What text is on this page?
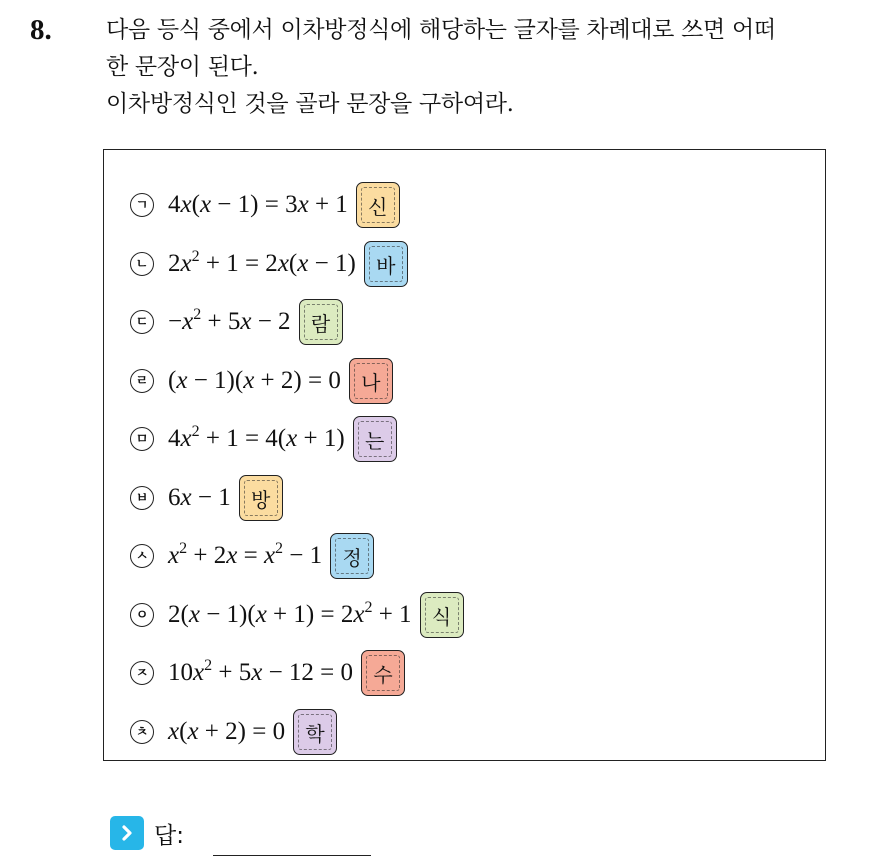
8. 다음 등식 중에서 이차방정식에 해당하는 글자를 차례대로 쓰면 어떠
한 문장이 된다.
이차방정식인 것을 골라 문장을 구하여라.
ㄱ 4x(x − 1) = 3x + 1 신
ㄴ $2x^2 + 1 = 2x(x - 1)$ 바
ㄷ $-x^2 + 5x - 2$ 람
ㄹ (x − 1)(x + 2) = 0 나
ㅁ $4x^2 + 1 = 4(x + 1)$ 는
ㅂ 6x − 1 방
ㅅ $x^2 + 2x = x^2 - 1$ 정
ㅇ $2(x - 1)(x + 1) = 2x^2 + 1$ 식
ㅈ $10x^2 + 5x - 12 = 0$ 수
ㅊ x(x + 2) = 0 학
답:
